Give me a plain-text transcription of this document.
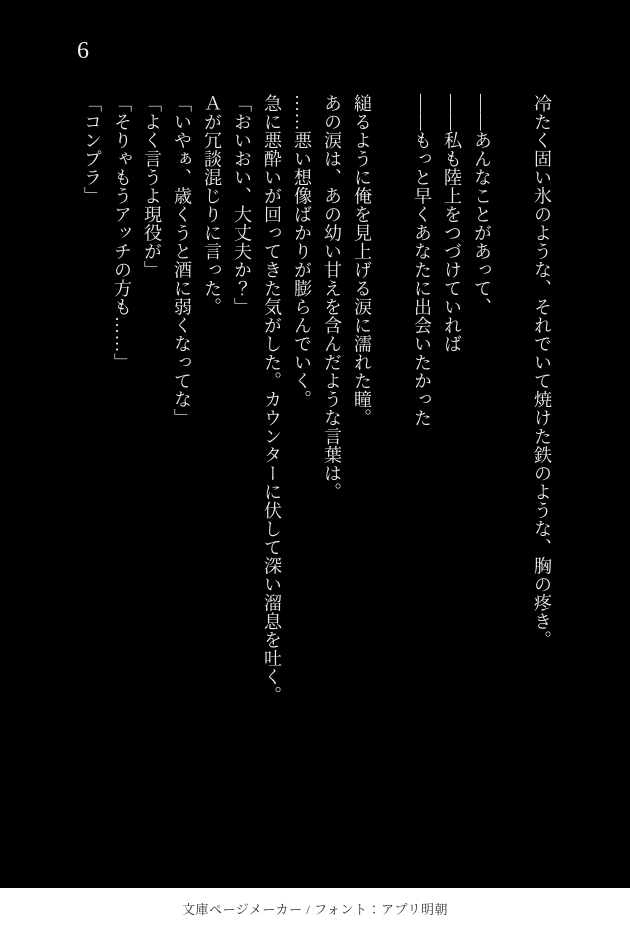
6
冷たく固い氷のような、それでいて焼けた鉄のような、胸の疼き。
――あんなことがあって、
――私も陸上をつづけていれば
――もっと早くあなたに出会いたかった
縋るように俺を見上げる涙に濡れた瞳。
あの涙は、あの幼い甘えを含んだような言葉は。
……悪い想像ばかりが膨らんでいく。
急に悪酔いが回ってきた気がした。カウンターに伏して深い溜息を吐く。
「おいおい、大丈夫か？」
Ａが冗談混じりに言った。
「いやぁ、歳くうと酒に弱くなってな」
「よく言うよ現役が」
「そりゃもうアッチの方も……」
「コンプラ」
文庫ページメーカー / フォント：アプリ明朝
